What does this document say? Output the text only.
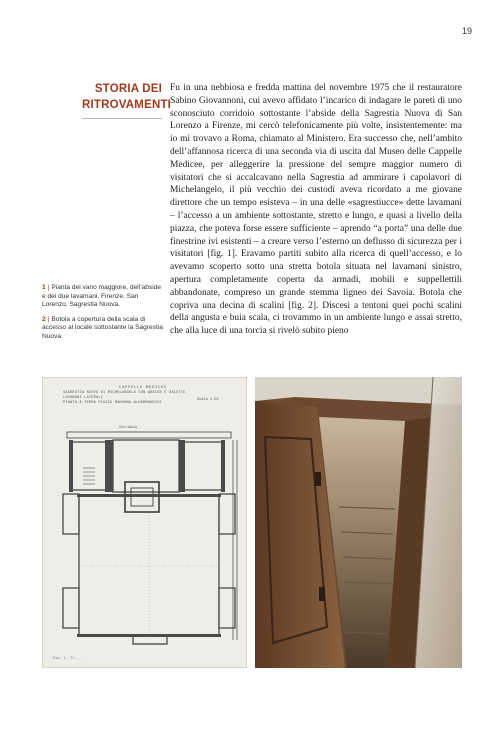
19
STORIA DEI
RITROVAMENTI
Fu in una nebbiosa e fredda mattina del novembre 1975 che il restauratore Sabino Giovannoni, cui avevo affidato l’incarico di indagare le pareti di uno sconosciuto corridoio sottostante l’abside della Sagrestia Nuova di San Lorenzo a Firenze, mi cercò telefonicamente più volte, insistentemente: ma io mi trovavo a Roma, chiamato al Ministero. Era successo che, nell’ambito dell’affannosa ricerca di una seconda via di uscita dal Museo delle Cappelle Medicee, per alleggerire la pressione del sempre maggior numero di visitatori che si accalcavano nella Sagrestia ad ammirare i capolavori di Michelangelo, il più vecchio dei custodi aveva ricordato a me giovane direttore che un tempo esisteva – in una delle «sagrestiucce» dette lavamani – l’accesso a un ambiente sottostante, stretto e lungo, e quasi a livello della piazza, che poteva forse essere sufficiente – aprendo “a porta” una delle due finestrine ivi esistenti – a creare verso l’esterno un deflusso di sicurezza per i visitatori [fig. 1]. Eravamo partiti subito alla ricerca di quell’accesso, e lo avevamo scoperto sotto una stretta botola situata nel lavamani sinistro, apertura completamente coperta da armadi, mobili e suppellettili abbandonate, compreso un grande stemma ligneo dei Savoia. Botola che copriva una decina di scalini [fig. 2]. Discesi a tentoni quei pochi scalini della angusta e buia scala, ci trovammo in un ambiente lungo e assai stretto, che alla luce di una torcia si rivelò subito pieno
1 | Pianta del vano maggiore, dell’abside e dei due lavamani. Firenze, San Lorenzo, Sagrestia Nuova.
2 | Botola a copertura della scala di accesso al locale sottostante la Sagrestia Nuova.
CAPPELLE MEDICEE
SAGRESTIA NUOVA DI MICHELANGELO CON ABSIDE E SALETTE
LAVAMANI LATERALI
PIANTA A TERRA PIAZZA MADONNA ALDOBRANDINI
Scala 1:50
Corridoio
Dis. L. Tr...
